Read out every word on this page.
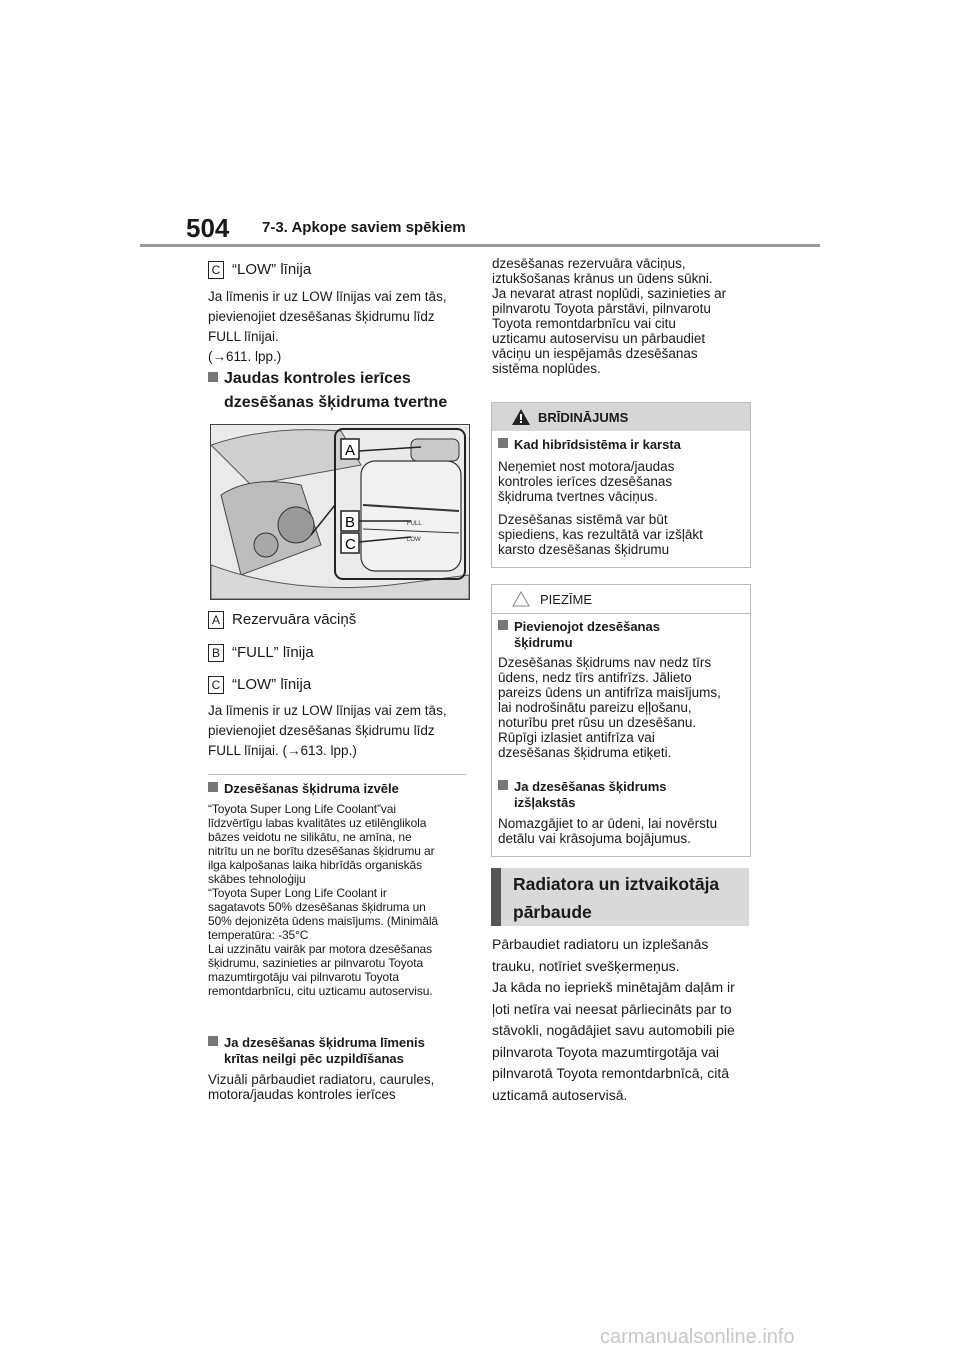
504 7-3. Apkope saviem spēkiem
C “LOW” līnija
Ja līmenis ir uz LOW līnijas vai zem tās,
pievienojiet dzesēšanas šķidrumu līdz
FULL līnijai.
(→611. lpp.)
Jaudas kontroles ierīces
dzesēšanas šķidruma tvertne
FULL
LOW
A
B
C
A Rezervuāra vāciņš
B “FULL” līnija
C “LOW” līnija
Ja līmenis ir uz LOW līnijas vai zem tās,
pievienojiet dzesēšanas šķidrumu līdz
FULL līnijai. (→613. lpp.)
Dzesēšanas šķidruma izvēle
“Toyota Super Long Life Coolant”vai
līdzvērtīgu labas kvalitātes uz etilēnglikola
bāzes veidotu ne silikātu, ne amīna, ne
nitrītu un ne borītu dzesēšanas šķidrumu ar
ilga kalpošanas laika hibrīdās organiskās
skābes tehnoloģiju
“Toyota Super Long Life Coolant ir
sagatavots 50% dzesēšanas šķidruma un
50% dejonizēta ūdens maisījums. (Minimālā
temperatūra: -35°C
Lai uzzinātu vairāk par motora dzesēšanas
šķidrumu, sazinieties ar pilnvarotu Toyota
mazumtirgotāju vai pilnvarotu Toyota
remontdarbnīcu, citu uzticamu autoservisu.
Ja dzesēšanas šķidruma līmenis
krītas neilgi pēc uzpildīšanas
Vizuāli pārbaudiet radiatoru, caurules,
motora/jaudas kontroles ierīces
dzesēšanas rezervuāra vāciņus,
iztukšošanas krānus un ūdens sūkni.
Ja nevarat atrast noplūdi, sazinieties ar
pilnvarotu Toyota pārstāvi, pilnvarotu
Toyota remontdarbnīcu vai citu
uzticamu autoservisu un pārbaudiet
vāciņu un iespējamās dzesēšanas
sistēma noplūdes.
BRĪDINĀJUMS
Kad hibrīdsistēma ir karsta
Neņemiet nost motora/jaudas
kontroles ierīces dzesēšanas
šķidruma tvertnes vāciņus.
Dzesēšanas sistēmā var būt
spiediens, kas rezultātā var izšļākt
karsto dzesēšanas šķidrumu
PIEZĪME
Pievienojot dzesēšanas
šķidrumu
Dzesēšanas šķidrums nav nedz tīrs
ūdens, nedz tīrs antifrīzs. Jālieto
pareizs ūdens un antifrīza maisījums,
lai nodrošinātu pareizu eļļošanu,
noturību pret rūsu un dzesēšanu.
Rūpīgi izlasiet antifrīza vai
dzesēšanas šķidruma etiķeti.
Ja dzesēšanas šķidrums
izšļakstās
Nomazgājiet to ar ūdeni, lai novērstu
detālu vai krāsojuma bojājumus.
Radiatora un iztvaikotāja
pārbaude
Pārbaudiet radiatoru un izplešanās
trauku, notīriet svešķermeņus.
Ja kāda no iepriekš minētajām daļām ir
ļoti netīra vai neesat pārliecināts par to
stāvokli, nogādājiet savu automobili pie
pilnvarota Toyota mazumtirgotāja vai
pilnvarotā Toyota remontdarbnīcā, citā
uzticamā autoservisā.
carmanualsonline.info
